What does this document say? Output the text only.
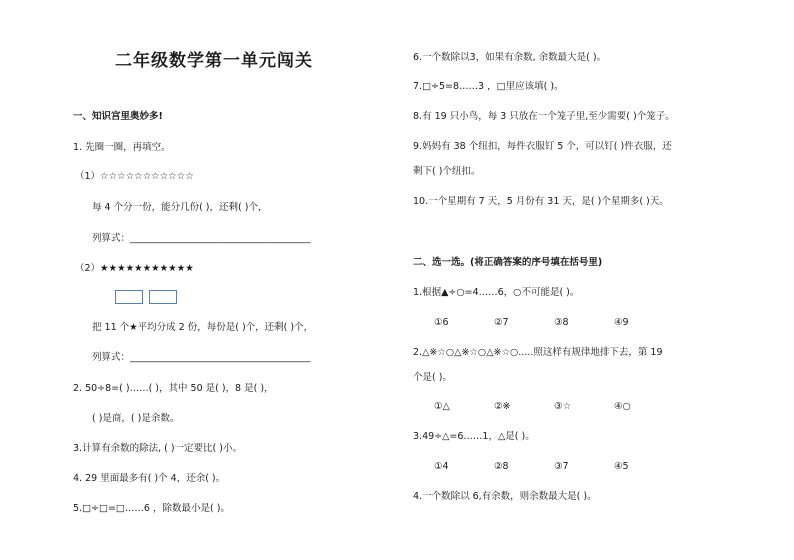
二年级数学第一单元闯关
一、知识宫里奥妙多!
1. 先圈一圈，再填空。
（1）☆☆☆☆☆☆☆☆☆☆☆
每 4 个分一份，能分几份( )，还剩( )个，
列算式：______________________________________
（2）★★★★★★★★★★★
把 11 个★平均分成 2 份，每份是( )个，还剩( )个，
列算式：______________________________________
2. 50÷8=( )……( )，其中 50 是( )，8 是( )，
( )是商，( )是余数。
3.计算有余数的除法, ( )一定要比( )小。
4. 29 里面最多有( )个 4，还余( )。
5.□÷□=□……6 ，除数最小是( )。
6.一个数除以3，如果有余数, 余数最大是( )。
7.□÷5=8……3 ，□里应该填( )。
8.有 19 只小鸟，每 3 只放在一个笼子里,至少需要( )个笼子。
9.妈妈有 38 个纽扣，每件衣服钉 5 个，可以钉( )件衣服，还
剩下( )个纽扣。
10.一个星期有 7 天，5 月份有 31 天，是( )个星期多( )天。
二、选一选。(将正确答案的序号填在括号里)
1.根据▲÷○=4……6，○不可能是( )。
①6	②7	③8	④9
2.△※☆○△※☆○△※☆○.....照这样有规律地排下去，第 19
个是( )。
①△	②※	③☆	④○
3.49÷△=6……1，△是( )。
①4	②8	③7	④5
4.一个数除以 6,有余数，则余数最大是( )。
